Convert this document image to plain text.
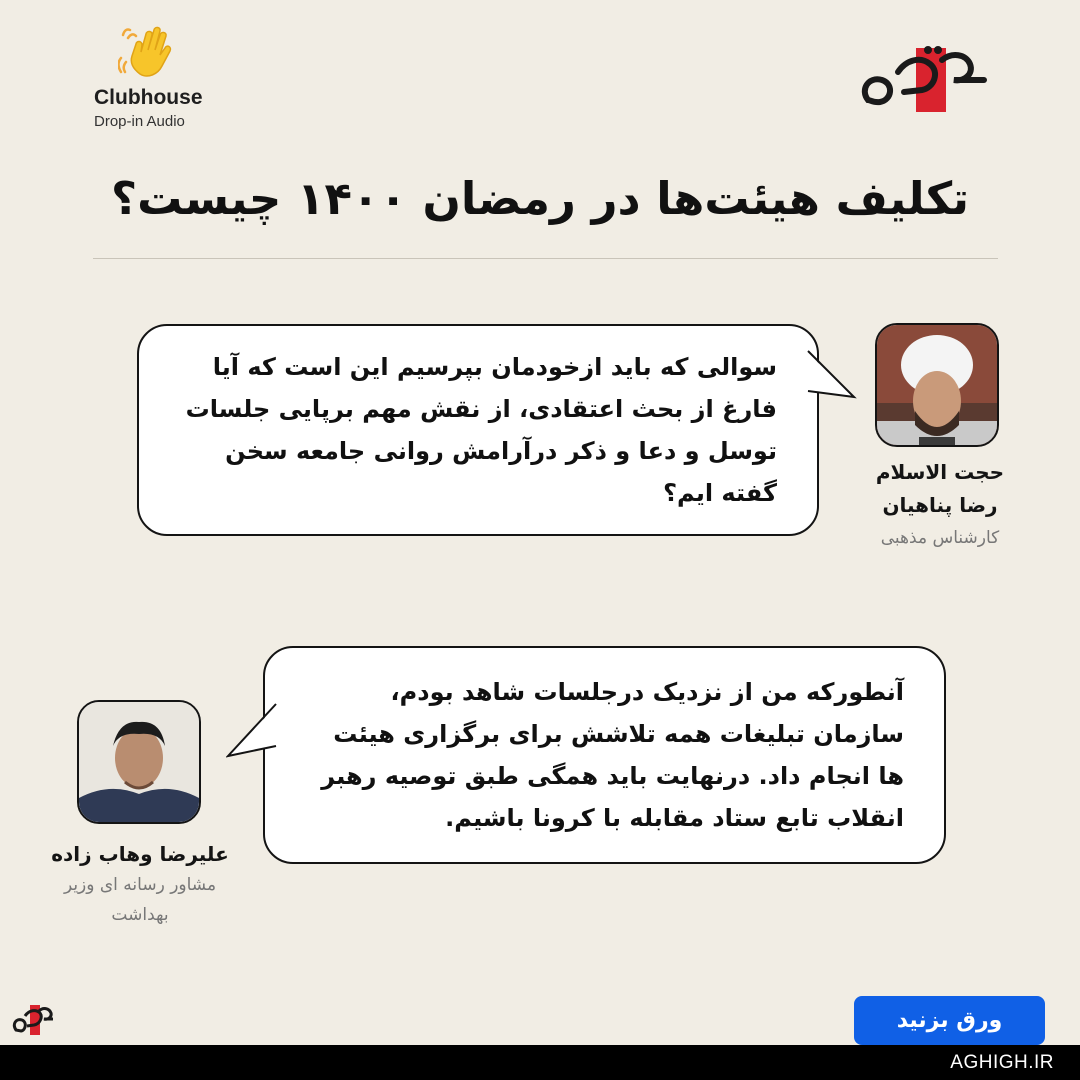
Clubhouse
Drop-in Audio
تکلیف هیئت‌ها در رمضان ۱۴۰۰ چیست؟
سوالی که باید ازخودمان بپرسیم این است که آیا فارغ از بحث اعتقادی، از نقش مهم برپایی جلسات توسل و دعا و ذکر درآرامش روانی جامعه سخن گفته ایم؟
حجت الاسلام
رضا پناهیان
کارشناس مذهبی
آنطورکه من از نزدیک درجلسات شاهد بودم، سازمان تبلیغات همه تلاشش برای برگزاری هیئت ها انجام داد. درنهایت باید همگی طبق توصیه رهبر انقلاب تابع ستاد مقابله با کرونا باشیم.
علیرضا وهاب زاده
مشاور رسانه ای وزیر
بهداشت
ورق بزنید
AGHIGH.IR
